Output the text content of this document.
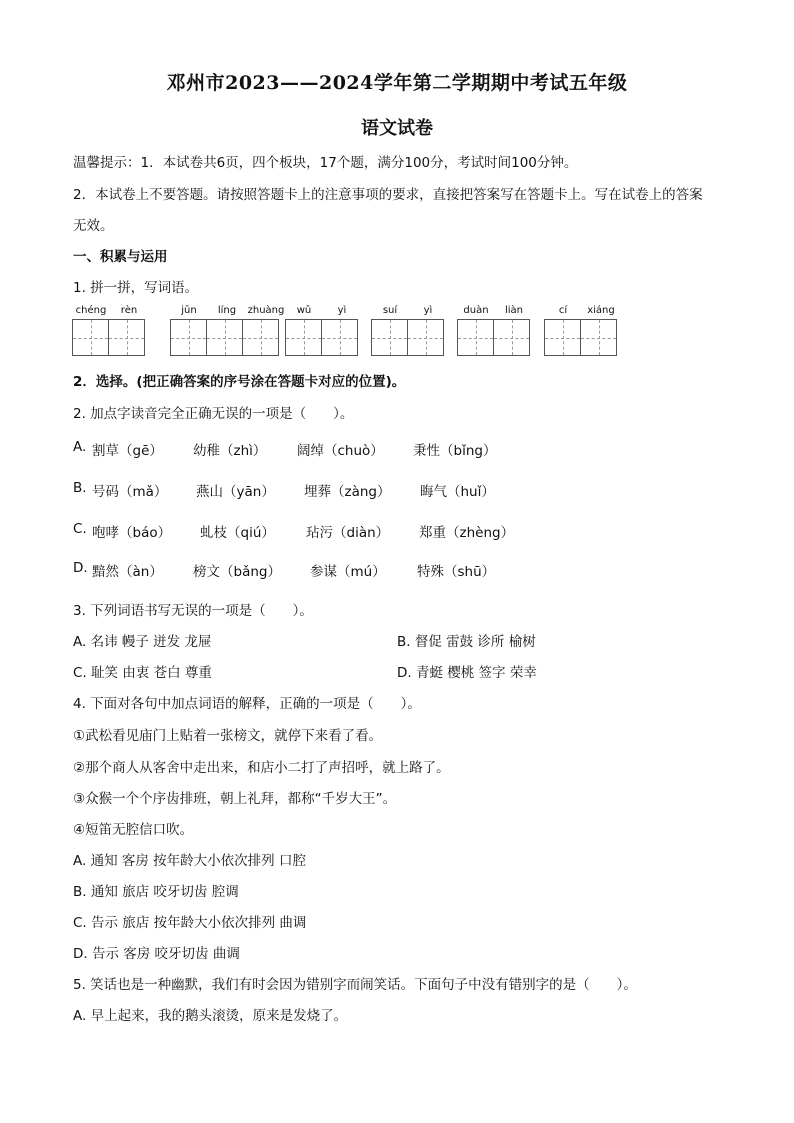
邓州市2023——2024学年第二学期期中考试五年级
语文试卷
温馨提示：1．本试卷共6页，四个板块，17个题，满分100分，考试时间100分钟。
2．本试卷上不要答题。请按照答题卡上的注意事项的要求，直接把答案写在答题卡上。写在试卷上的答案
无效。
一、积累与运用
1. 拼一拼，写词语。
chéng	rèn	jūn	líng	zhuàng	wǔ	yì	suí	yì	duàn	liàn	cí	xiáng
2．选择。(把正确答案的序号涂在答题卡对应的位置)。
2. 加点字读音完全正确无误的一项是（　　）。
A. 割草（gē） 幼稚（zhì） 阔绰（chuò） 秉性（bǐng）
B. 号码（mǎ） 燕山（yān） 埋葬（zàng） 晦气（huǐ）
C. 咆哮（báo） 虬枝（qiú） 玷污（diàn） 郑重（zhèng）
D. 黯然（àn） 榜文（bǎng） 参谋（mú） 特殊（shū）
3. 下列词语书写无误的一项是（　　）。
A. 名讳 幔子 迸发 龙屉	B. 督促 雷鼓 诊所 榆树
C. 耻笑 由衷 苍白 尊重	D. 青蜓 樱桃 签字 荣幸
4. 下面对各句中加点词语的解释，正确的一项是（　　）。
①武松看见庙门上贴着一张榜文，就停下来看了看。
②那个商人从客舍中走出来，和店小二打了声招呼，就上路了。
③众猴一个个序齿排班，朝上礼拜，都称“千岁大王”。
④短笛无腔信口吹。
A. 通知 客房 按年龄大小依次排列 口腔
B. 通知 旅店 咬牙切齿 腔调
C. 告示 旅店 按年龄大小依次排列 曲调
D. 告示 客房 咬牙切齿 曲调
5. 笑话也是一种幽默，我们有时会因为错别字而闹笑话。下面句子中没有错别字的是（　　）。
A. 早上起来，我的鹅头滚烫，原来是发烧了。
